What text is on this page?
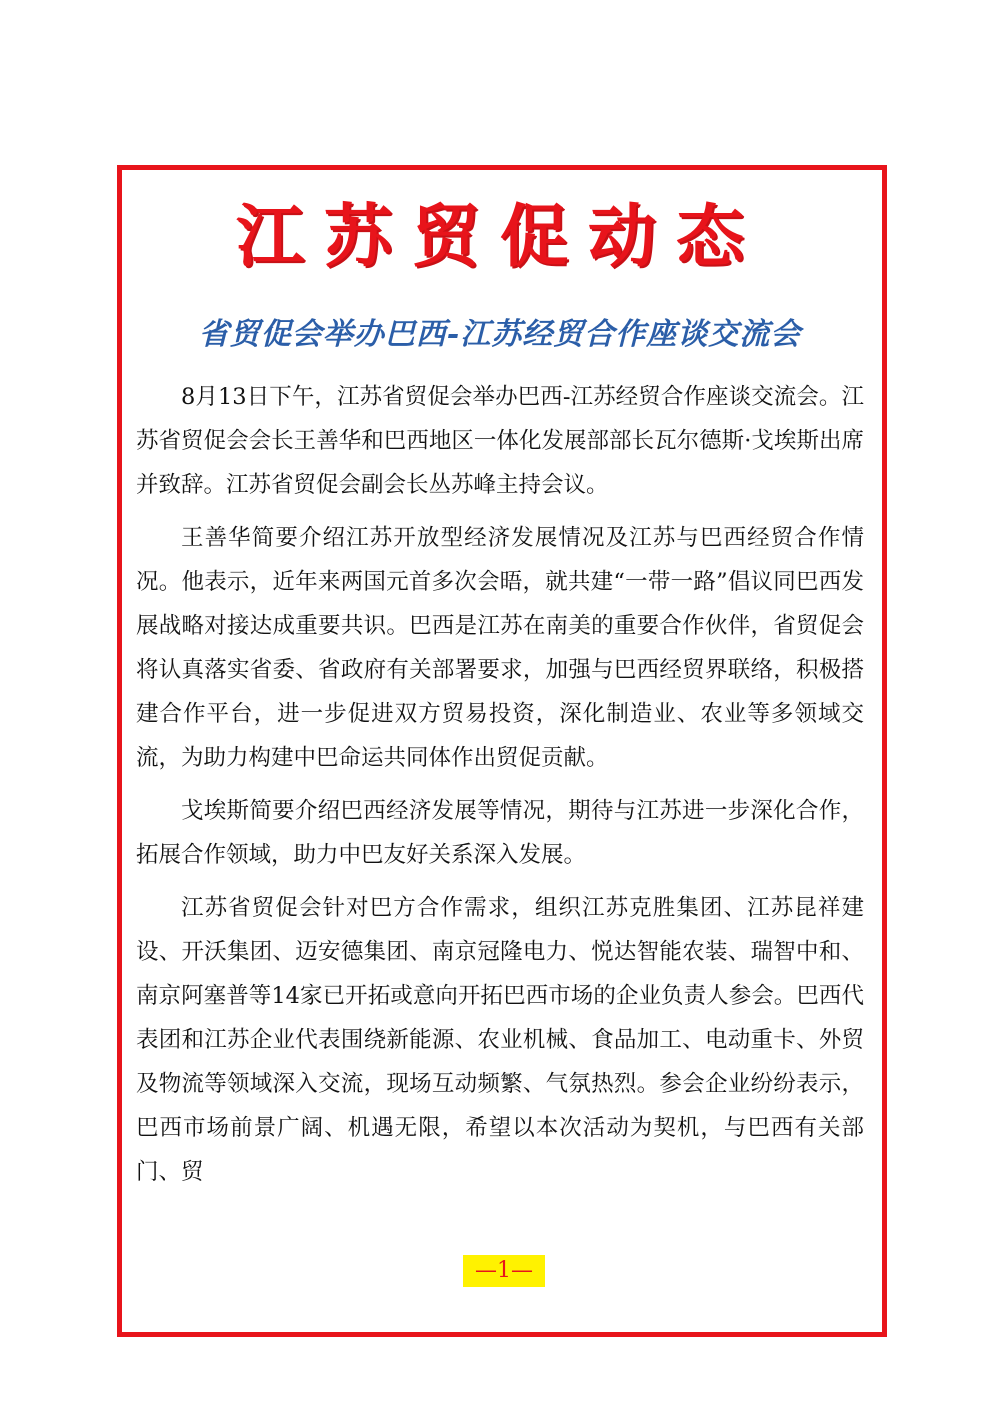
江苏贸促动态
省贸促会举办巴西-江苏经贸合作座谈交流会

8月13日下午，江苏省贸促会举办巴西-江苏经贸合作座谈交流会。江苏省贸促会会长王善华和巴西地区一体化发展部部长瓦尔德斯·戈埃斯出席并致辞。江苏省贸促会副会长丛苏峰主持会议。

王善华简要介绍江苏开放型经济发展情况及江苏与巴西经贸合作情况。他表示，近年来两国元首多次会晤，就共建“一带一路”倡议同巴西发展战略对接达成重要共识。巴西是江苏在南美的重要合作伙伴，省贸促会将认真落实省委、省政府有关部署要求，加强与巴西经贸界联络，积极搭建合作平台，进一步促进双方贸易投资，深化制造业、农业等多领域交流，为助力构建中巴命运共同体作出贸促贡献。

戈埃斯简要介绍巴西经济发展等情况，期待与江苏进一步深化合作，拓展合作领域，助力中巴友好关系深入发展。

江苏省贸促会针对巴方合作需求，组织江苏克胜集团、江苏昆祥建设、开沃集团、迈安德集团、南京冠隆电力、悦达智能农装、瑞智中和、南京阿塞普等14家已开拓或意向开拓巴西市场的企业负责人参会。巴西代表团和江苏企业代表围绕新能源、农业机械、食品加工、电动重卡、外贸及物流等领域深入交流，现场互动频繁、气氛热烈。参会企业纷纷表示，巴西市场前景广阔、机遇无限，希望以本次活动为契机，与巴西有关部门、贸

—1—
